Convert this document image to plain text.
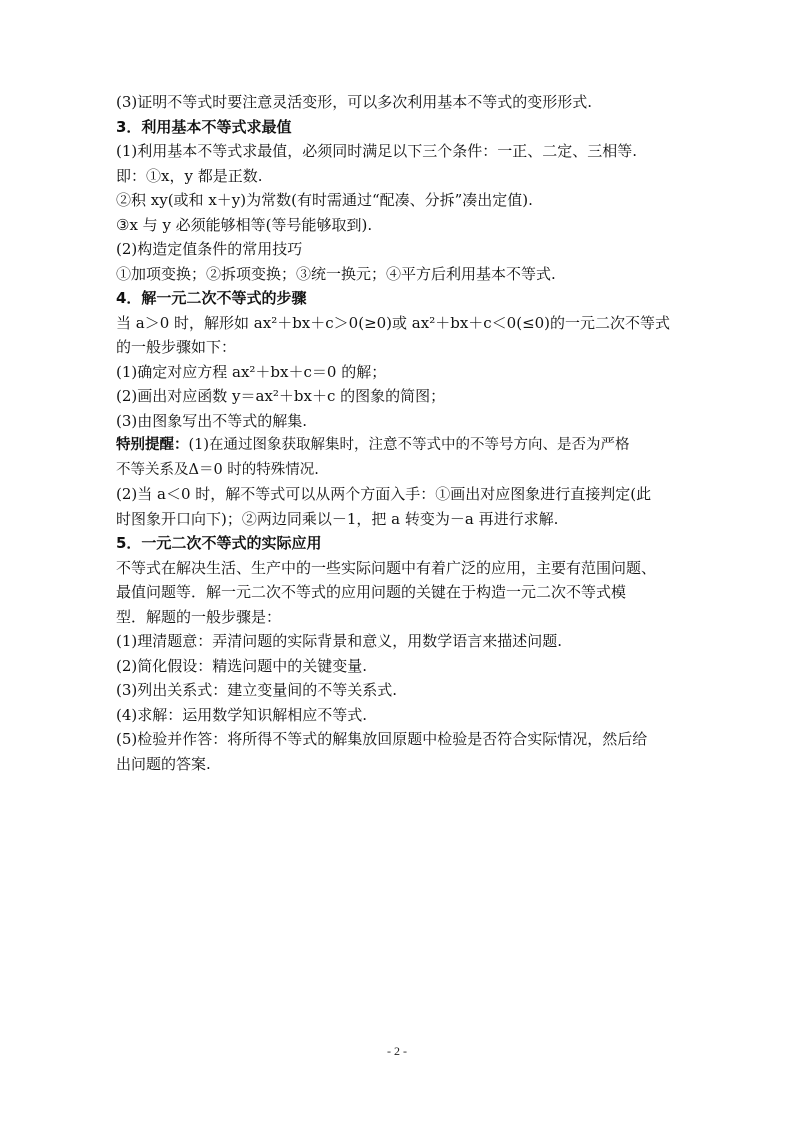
(3)证明不等式时要注意灵活变形，可以多次利用基本不等式的变形形式.
3．利用基本不等式求最值
(1)利用基本不等式求最值，必须同时满足以下三个条件：一正、二定、三相等.
即：①x，y 都是正数.
②积 xy(或和 x＋y)为常数(有时需通过“配凑、分拆”凑出定值).
③x 与 y 必须能够相等(等号能够取到).
(2)构造定值条件的常用技巧
①加项变换；②拆项变换；③统一换元；④平方后利用基本不等式.
4．解一元二次不等式的步骤
当 a＞0 时，解形如 ax²＋bx＋c＞0(≥0)或 ax²＋bx＋c＜0(≤0)的一元二次不等式
的一般步骤如下：
(1)确定对应方程 ax²＋bx＋c＝0 的解；
(2)画出对应函数 y＝ax²＋bx＋c 的图象的简图；
(3)由图象写出不等式的解集.
特别提醒：(1)在通过图象获取解集时，注意不等式中的不等号方向、是否为严格
不等关系及Δ＝0 时的特殊情况.
(2)当 a＜0 时，解不等式可以从两个方面入手：①画出对应图象进行直接判定(此
时图象开口向下)；②两边同乘以－1，把 a 转变为－a 再进行求解.
5．一元二次不等式的实际应用
不等式在解决生活、生产中的一些实际问题中有着广泛的应用，主要有范围问题、
最值问题等．解一元二次不等式的应用问题的关键在于构造一元二次不等式模
型．解题的一般步骤是：
(1)理清题意：弄清问题的实际背景和意义，用数学语言来描述问题.
(2)简化假设：精选问题中的关键变量.
(3)列出关系式：建立变量间的不等关系式.
(4)求解：运用数学知识解相应不等式.
(5)检验并作答：将所得不等式的解集放回原题中检验是否符合实际情况，然后给
出问题的答案.
- 2 -
